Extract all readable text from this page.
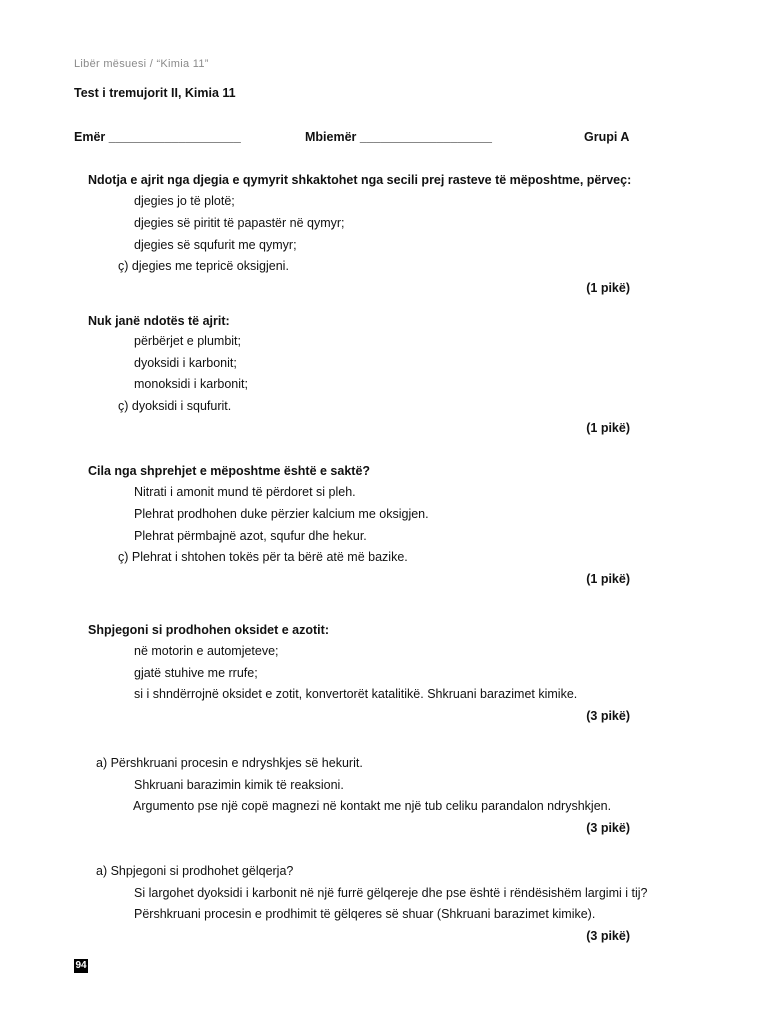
Libër mësuesi / “Kimia 11”
Test i tremujorit II, Kimia 11
Emër ___________________	Mbiemër ___________________	Grupi A
Ndotja e ajrit nga djegia e qymyrit shkaktohet nga secili prej rasteve të mëposhtme, përveç:
djegies jo të plotë;
djegies së piritit të papastër në qymyr;
djegies së squfurit me qymyr;
ç) djegies me tepricë oksigjeni.
(1 pikë)
Nuk janë ndotës të ajrit:
përbërjet e plumbit;
dyoksidi i karbonit;
monoksidi i karbonit;
ç) dyoksidi i squfurit.
(1 pikë)
Cila nga shprehjet e mëposhtme është e saktë?
Nitrati i amonit mund të përdoret si pleh.
Plehrat prodhohen duke përzier kalcium me oksigjen.
Plehrat përmbajnë azot, squfur dhe hekur.
ç) Plehrat i shtohen tokës për ta bërë atë më bazike.
(1 pikë)
Shpjegoni si prodhohen oksidet e azotit:
në motorin e automjeteve;
gjatë stuhive me rrufe;
si i shndërrojnë oksidet e zotit, konvertorët katalitikë. Shkruani barazimet kimike.
(3 pikë)
a) Përshkruani procesin e ndryshkjes së hekurit.
Shkruani barazimin kimik të reaksioni.
Argumento pse një copë magnezi në kontakt me një tub celiku parandalon ndryshkjen.
(3 pikë)
a) Shpjegoni si prodhohet gëlqerja?
Si largohet dyoksidi i karbonit në një furrë gëlqereje dhe pse është i rëndësishëm largimi i tij?
Përshkruani procesin e prodhimit të gëlqeres së shuar (Shkruani barazimet kimike).
(3 pikë)
94
